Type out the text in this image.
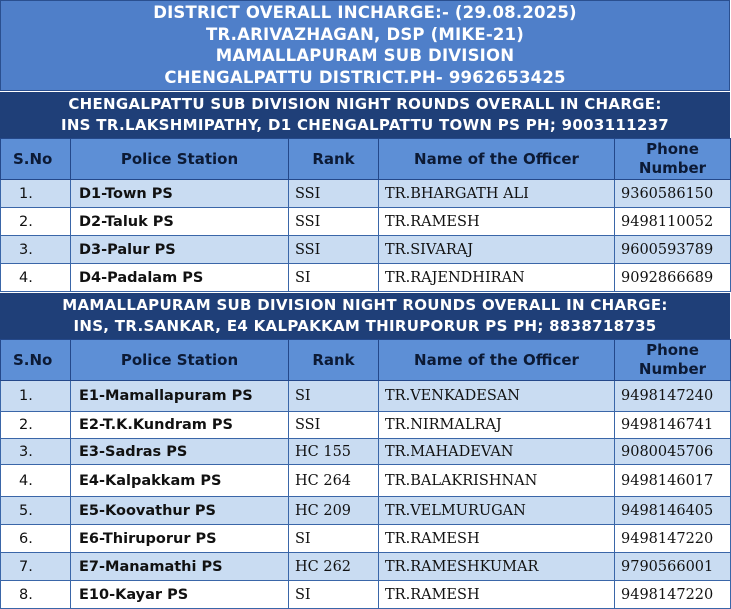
DISTRICT OVERALL INCHARGE:- (29.08.2025)
TR.ARIVAZHAGAN, DSP (MIKE-21)
MAMALLAPURAM SUB DIVISION
CHENGALPATTU DISTRICT.PH- 9962653425
CHENGALPATTU SUB DIVISION NIGHT ROUNDS OVERALL IN CHARGE:
INS TR.LAKSHMIPATHY, D1 CHENGALPATTU TOWN PS PH; 9003111237
S.No	Police Station	Rank	Name of the Officer	Phone
Number
1.	D1-Town PS	SSI	TR.BHARGATH ALI	9360586150
2.	D2-Taluk PS	SSI	TR.RAMESH	9498110052
3.	D3-Palur PS	SSI	TR.SIVARAJ	9600593789
4.	D4-Padalam PS	SI	TR.RAJENDHIRAN	9092866689
MAMALLAPURAM SUB DIVISION NIGHT ROUNDS OVERALL IN CHARGE:
INS, TR.SANKAR, E4 KALPAKKAM THIRUPORUR PS PH; 8838718735
S.No	Police Station	Rank	Name of the Officer	Phone
Number
1.	E1-Mamallapuram PS	SI	TR.VENKADESAN	9498147240
2.	E2-T.K.Kundram PS	SSI	TR.NIRMALRAJ	9498146741
3.	E3-Sadras PS	HC 155	TR.MAHADEVAN	9080045706
4.	E4-Kalpakkam PS	HC 264	TR.BALAKRISHNAN	9498146017
5.	E5-Koovathur PS	HC 209	TR.VELMURUGAN	9498146405
6.	E6-Thiruporur PS	SI	TR.RAMESH	9498147220
7.	E7-Manamathi PS	HC 262	TR.RAMESHKUMAR	9790566001
8.	E10-Kayar PS	SI	TR.RAMESH	9498147220
